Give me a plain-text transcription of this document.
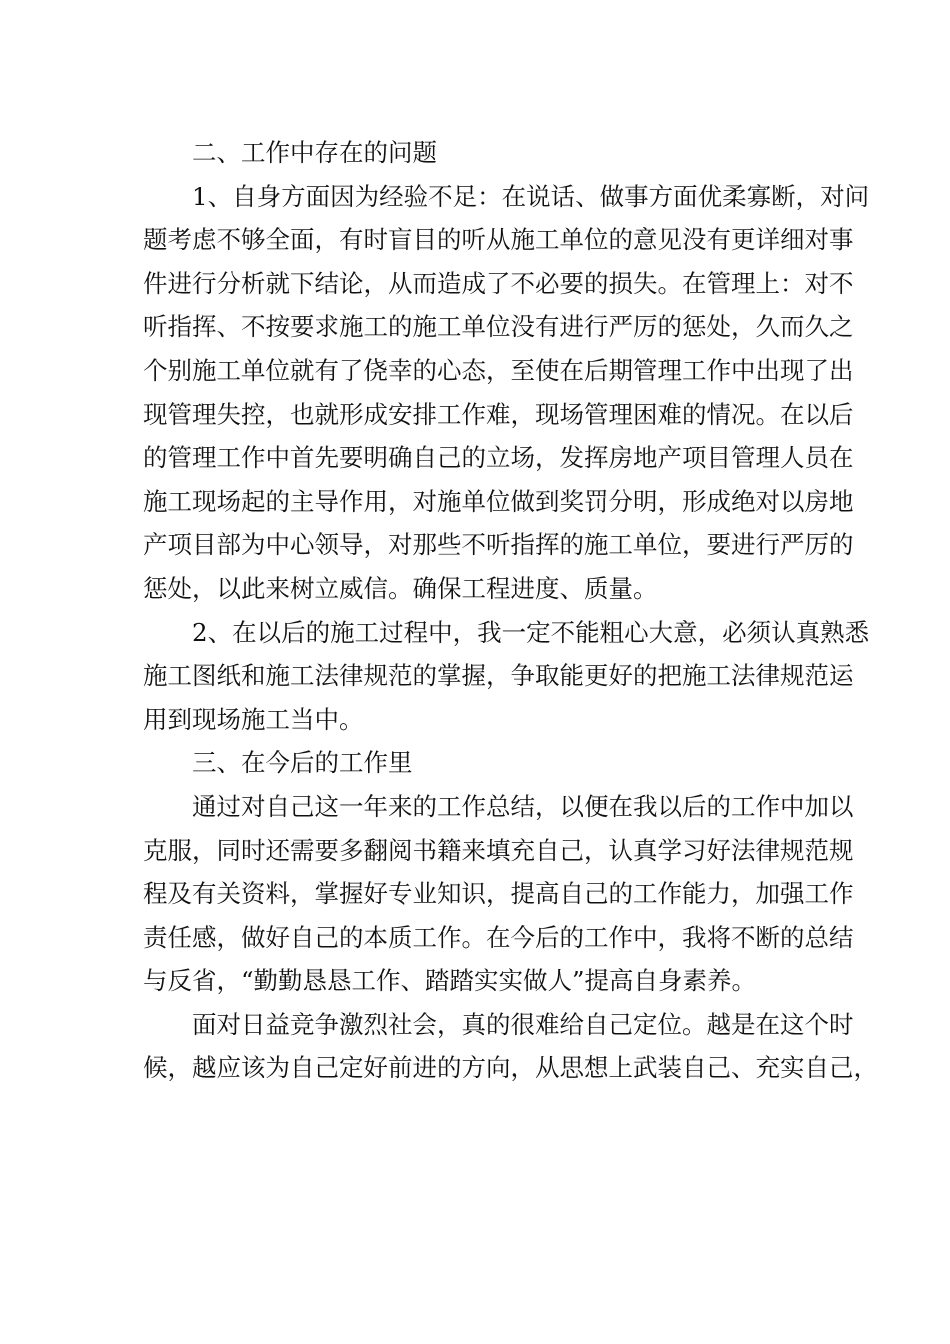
二、工作中存在的问题
1、自身方面因为经验不足：在说话、做事方面优柔寡断，对问
题考虑不够全面，有时盲目的听从施工单位的意见没有更详细对事
件进行分析就下结论，从而造成了不必要的损失。在管理上：对不
听指挥、不按要求施工的施工单位没有进行严厉的惩处，久而久之
个别施工单位就有了侥幸的心态，至使在后期管理工作中出现了出
现管理失控，也就形成安排工作难，现场管理困难的情况。在以后
的管理工作中首先要明确自己的立场，发挥房地产项目管理人员在
施工现场起的主导作用，对施单位做到奖罚分明，形成绝对以房地
产项目部为中心领导，对那些不听指挥的施工单位，要进行严厉的
惩处，以此来树立威信。确保工程进度、质量。
2、在以后的施工过程中，我一定不能粗心大意，必须认真熟悉
施工图纸和施工法律规范的掌握，争取能更好的把施工法律规范运
用到现场施工当中。
三、在今后的工作里
通过对自己这一年来的工作总结，以便在我以后的工作中加以
克服，同时还需要多翻阅书籍来填充自己，认真学习好法律规范规
程及有关资料，掌握好专业知识，提高自己的工作能力，加强工作
责任感，做好自己的本质工作。在今后的工作中，我将不断的总结
与反省，“勤勤恳恳工作、踏踏实实做人”提高自身素养。
面对日益竞争激烈社会，真的很难给自己定位。越是在这个时
候，越应该为自己定好前进的方向，从思想上武装自己、充实自己，
